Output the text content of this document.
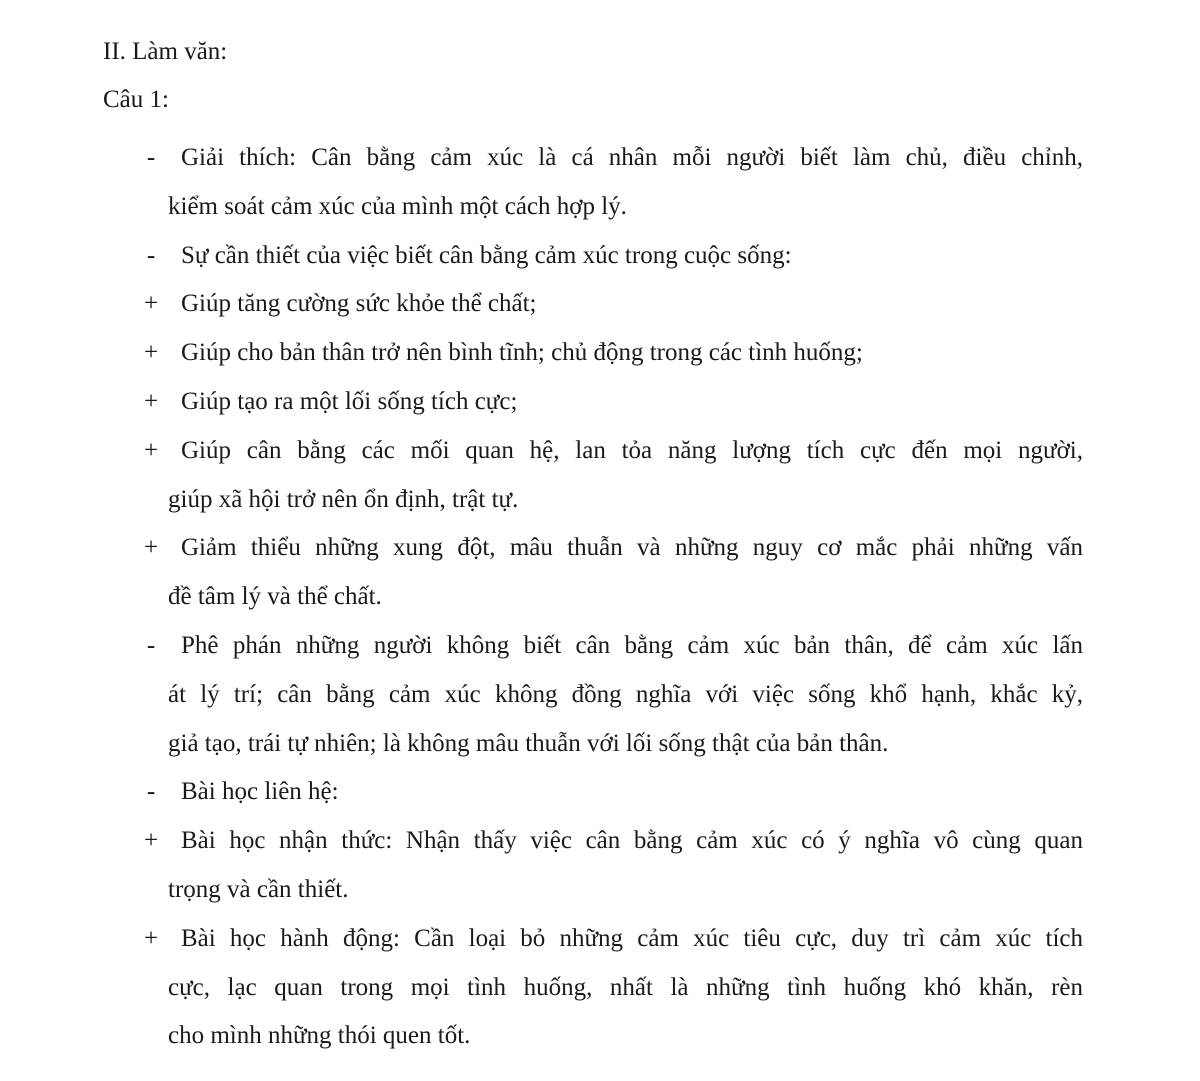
II. Làm văn:
Câu 1:
- Giải thích: Cân bằng cảm xúc là cá nhân mỗi người biết làm chủ, điều chỉnh,
kiểm soát cảm xúc của mình một cách hợp lý.
- Sự cần thiết của việc biết cân bằng cảm xúc trong cuộc sống:
+ Giúp tăng cường sức khỏe thể chất;
+ Giúp cho bản thân trở nên bình tĩnh; chủ động trong các tình huống;
+ Giúp tạo ra một lối sống tích cực;
+ Giúp cân bằng các mối quan hệ, lan tỏa năng lượng tích cực đến mọi người,
giúp xã hội trở nên ổn định, trật tự.
+ Giảm thiểu những xung đột, mâu thuẫn và những nguy cơ mắc phải những vấn
đề tâm lý và thể chất.
- Phê phán những người không biết cân bằng cảm xúc bản thân, để cảm xúc lấn
át lý trí; cân bằng cảm xúc không đồng nghĩa với việc sống khổ hạnh, khắc kỷ,
giả tạo, trái tự nhiên; là không mâu thuẫn với lối sống thật của bản thân.
- Bài học liên hệ:
+ Bài học nhận thức: Nhận thấy việc cân bằng cảm xúc có ý nghĩa vô cùng quan
trọng và cần thiết.
+ Bài học hành động: Cần loại bỏ những cảm xúc tiêu cực, duy trì cảm xúc tích
cực, lạc quan trong mọi tình huống, nhất là những tình huống khó khăn, rèn
cho mình những thói quen tốt.
